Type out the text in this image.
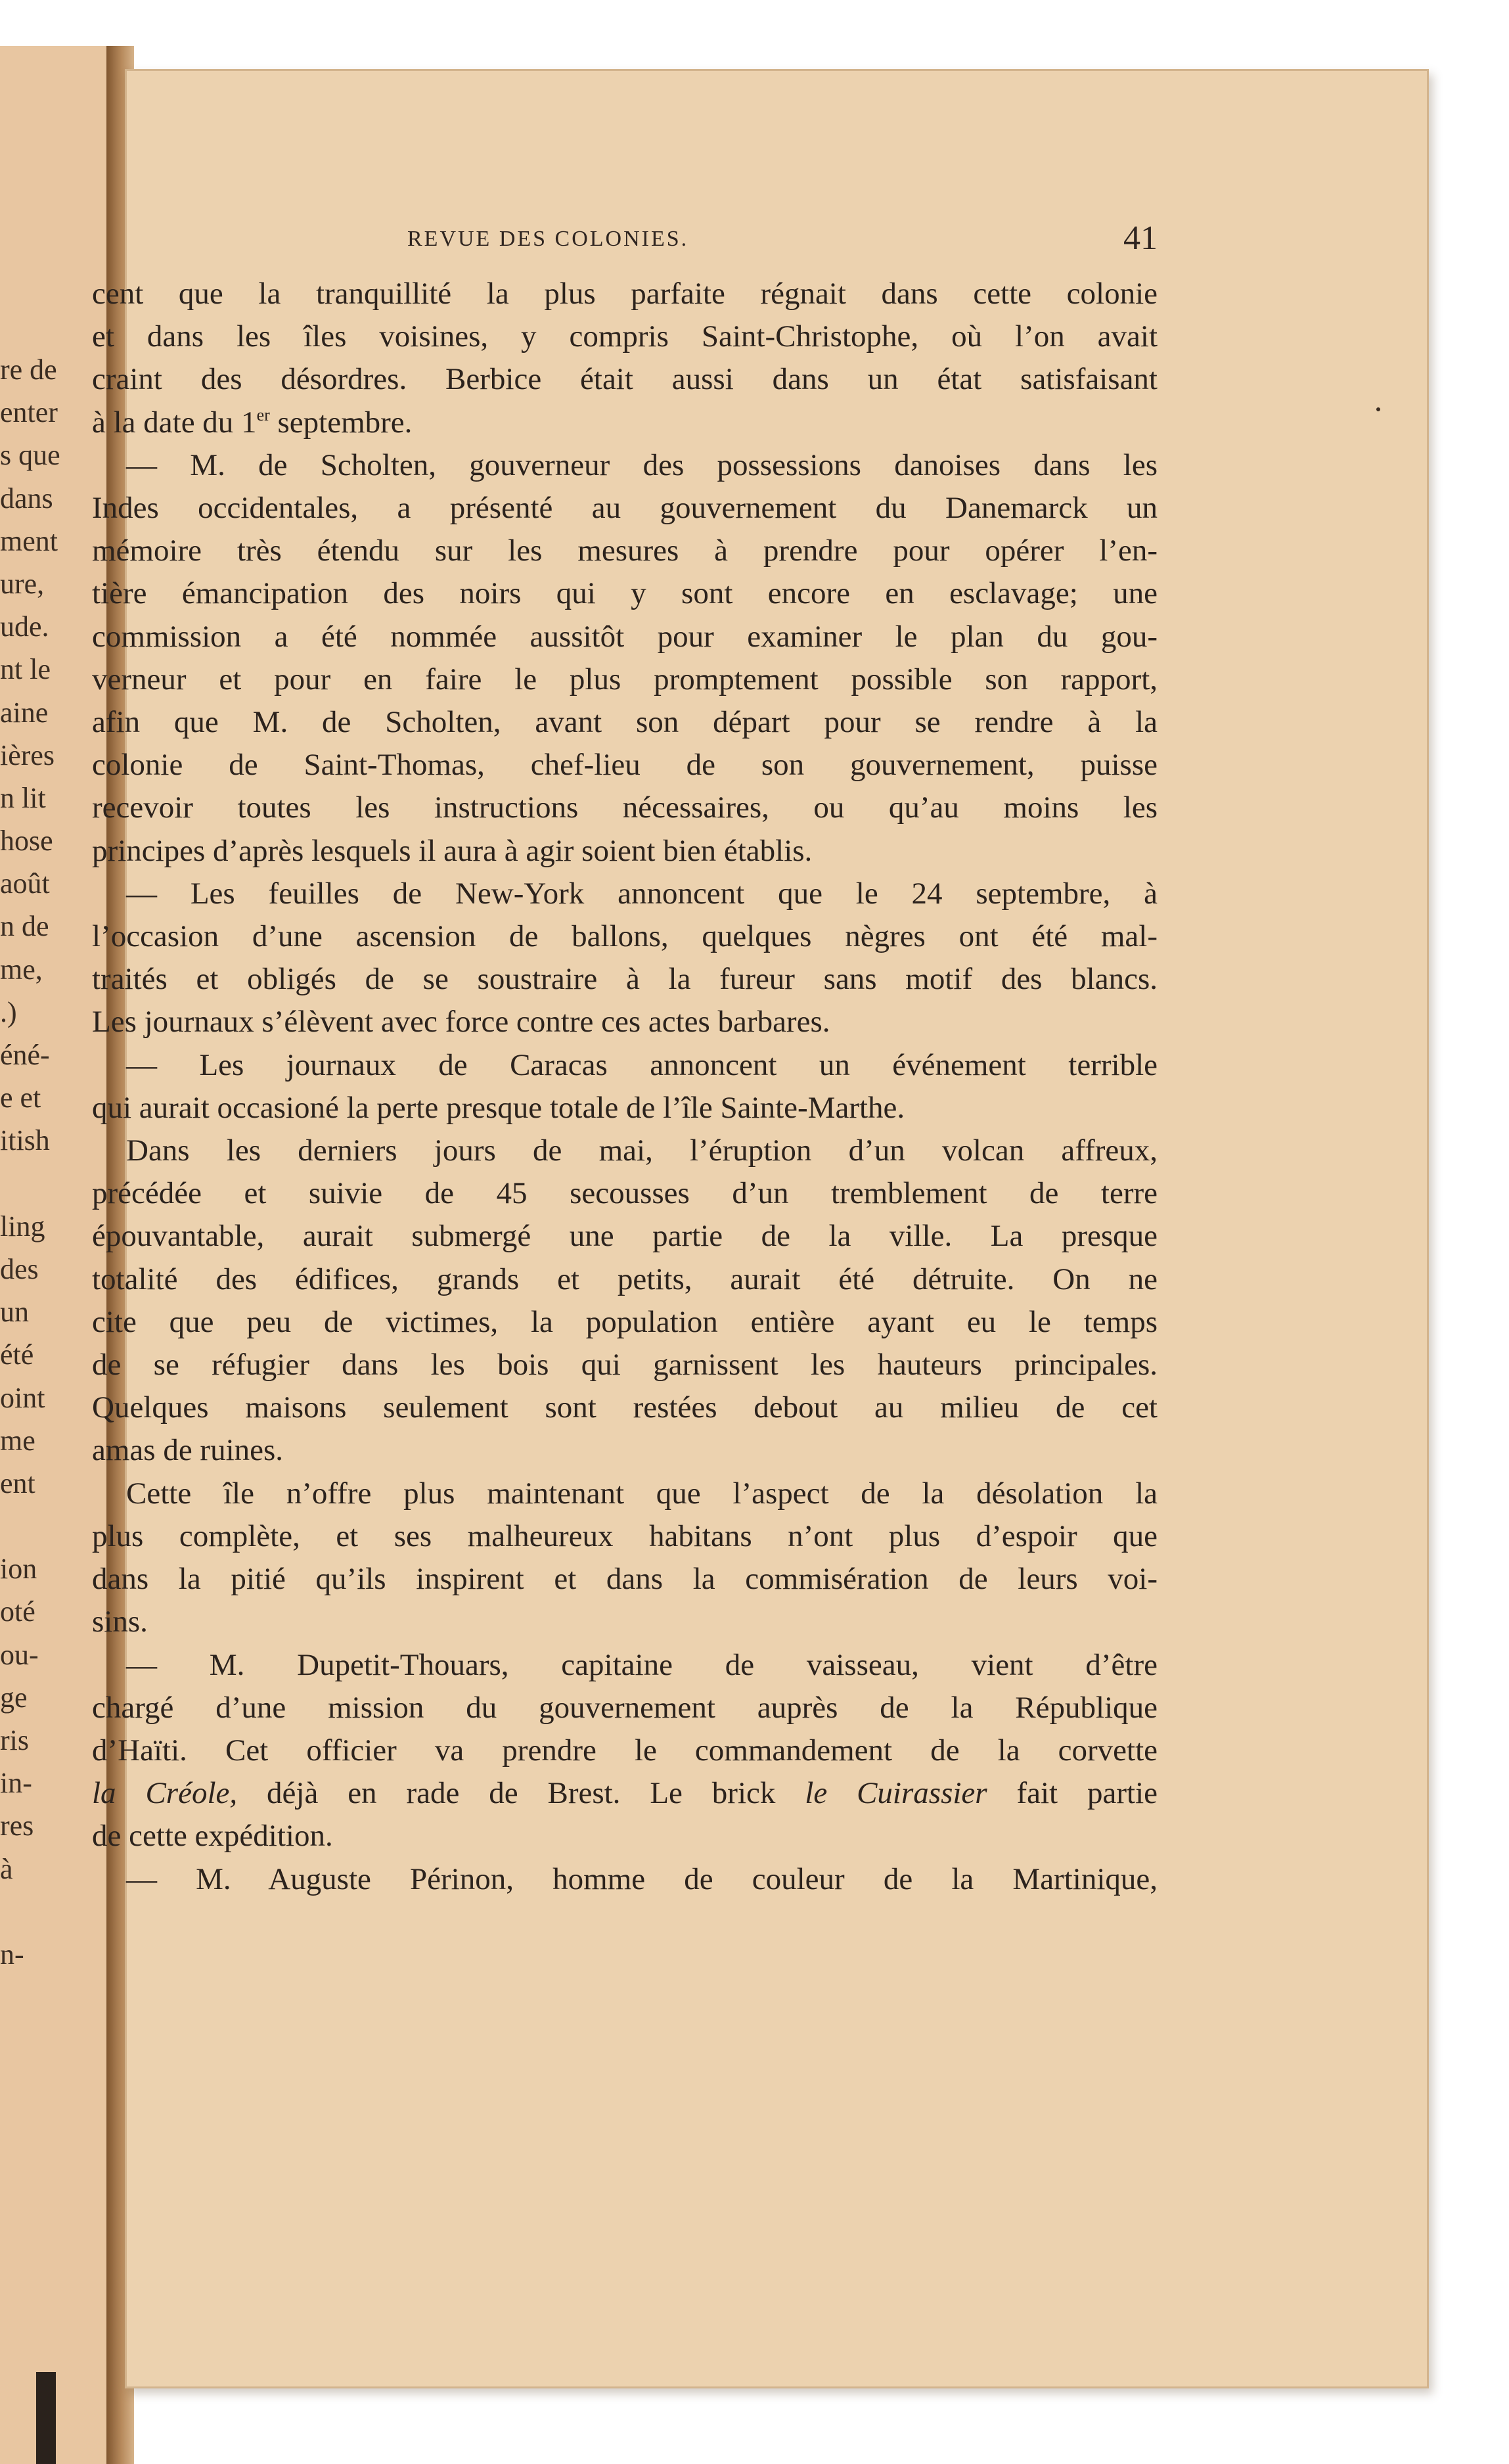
re de
enter
s que
dans
ment
ure,
ude.
nt le
aine
ières
n lit
hose
août
n de
me,
.)
éné-
e et
itish
ling
des
un
été
oint
me
ent
ion
oté
ou-
ge
ris
in-
res
à
n-
REVUE DES COLONIES.	41
cent que la tranquillité la plus parfaite régnait dans cette colonie
et dans les îles voisines, y compris Saint-Christophe, où l’on avait
craint des désordres. Berbice était aussi dans un état satisfaisant
à la date du 1er septembre.
— M. de Scholten, gouverneur des possessions danoises dans les
Indes occidentales, a présenté au gouvernement du Danemarck un
mémoire très étendu sur les mesures à prendre pour opérer l’en-
tière émancipation des noirs qui y sont encore en esclavage; une
commission a été nommée aussitôt pour examiner le plan du gou-
verneur et pour en faire le plus promptement possible son rapport,
afin que M. de Scholten, avant son départ pour se rendre à la
colonie de Saint-Thomas, chef-lieu de son gouvernement, puisse
recevoir toutes les instructions nécessaires, ou qu’au moins les
principes d’après lesquels il aura à agir soient bien établis.
— Les feuilles de New-York annoncent que le 24 septembre, à
l’occasion d’une ascension de ballons, quelques nègres ont été mal-
traités et obligés de se soustraire à la fureur sans motif des blancs.
Les journaux s’élèvent avec force contre ces actes barbares.
— Les journaux de Caracas annoncent un événement terrible
qui aurait occasioné la perte presque totale de l’île Sainte-Marthe.
Dans les derniers jours de mai, l’éruption d’un volcan affreux,
précédée et suivie de 45 secousses d’un tremblement de terre
épouvantable, aurait submergé une partie de la ville. La presque
totalité des édifices, grands et petits, aurait été détruite. On ne
cite que peu de victimes, la population entière ayant eu le temps
de se réfugier dans les bois qui garnissent les hauteurs principales.
Quelques maisons seulement sont restées debout au milieu de cet
amas de ruines.
Cette île n’offre plus maintenant que l’aspect de la désolation la
plus complète, et ses malheureux habitans n’ont plus d’espoir que
dans la pitié qu’ils inspirent et dans la commisération de leurs voi-
sins.
— M. Dupetit-Thouars, capitaine de vaisseau, vient d’être
chargé d’une mission du gouvernement auprès de la République
d’Haïti. Cet officier va prendre le commandement de la corvette
la Créole, déjà en rade de Brest. Le brick le Cuirassier fait partie
de cette expédition.
— M. Auguste Périnon, homme de couleur de la Martinique,
